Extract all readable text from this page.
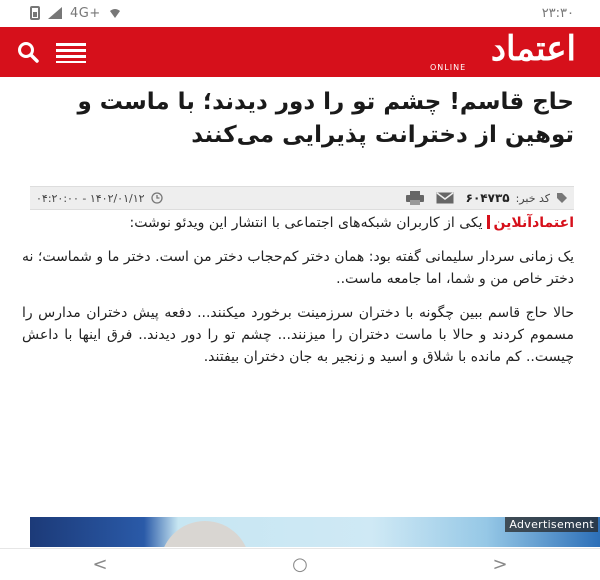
4G+	۲۳:۳۰
اعتماد
ONLINE
حاج قاسم! چشم تو را دور دیدند؛ با ماست و توهین از دخترانت پذیرایی می‌کنند
کد خبر:
۶۰۴۷۳۵
۱۴۰۲/۰۱/۱۲ - ۰۴:۲۰:۰۰

اعتمادآنلاینیکی از کاربران شبکه‌های اجتماعی با انتشار این ویدئو نوشت:

یک زمانی سردار سلیمانی گفته بود: همان دختر کم‌حجاب دختر من است. دختر ما و شماست؛ نه دختر خاص من و شما، اما جامعه ماست..

حالا حاج قاسم ببین چگونه با دختران سرزمینت برخورد میکنند... دفعه پیش دختران مدارس را مسموم کردند و حالا با ماست دختران را میزنند... چشم تو را دور دیدند.. فرق اینها با داعش چیست.. کم مانده با شلاق و اسید و زنجیر به جان دختران بیفتند.

Advertisement
<	○	>
